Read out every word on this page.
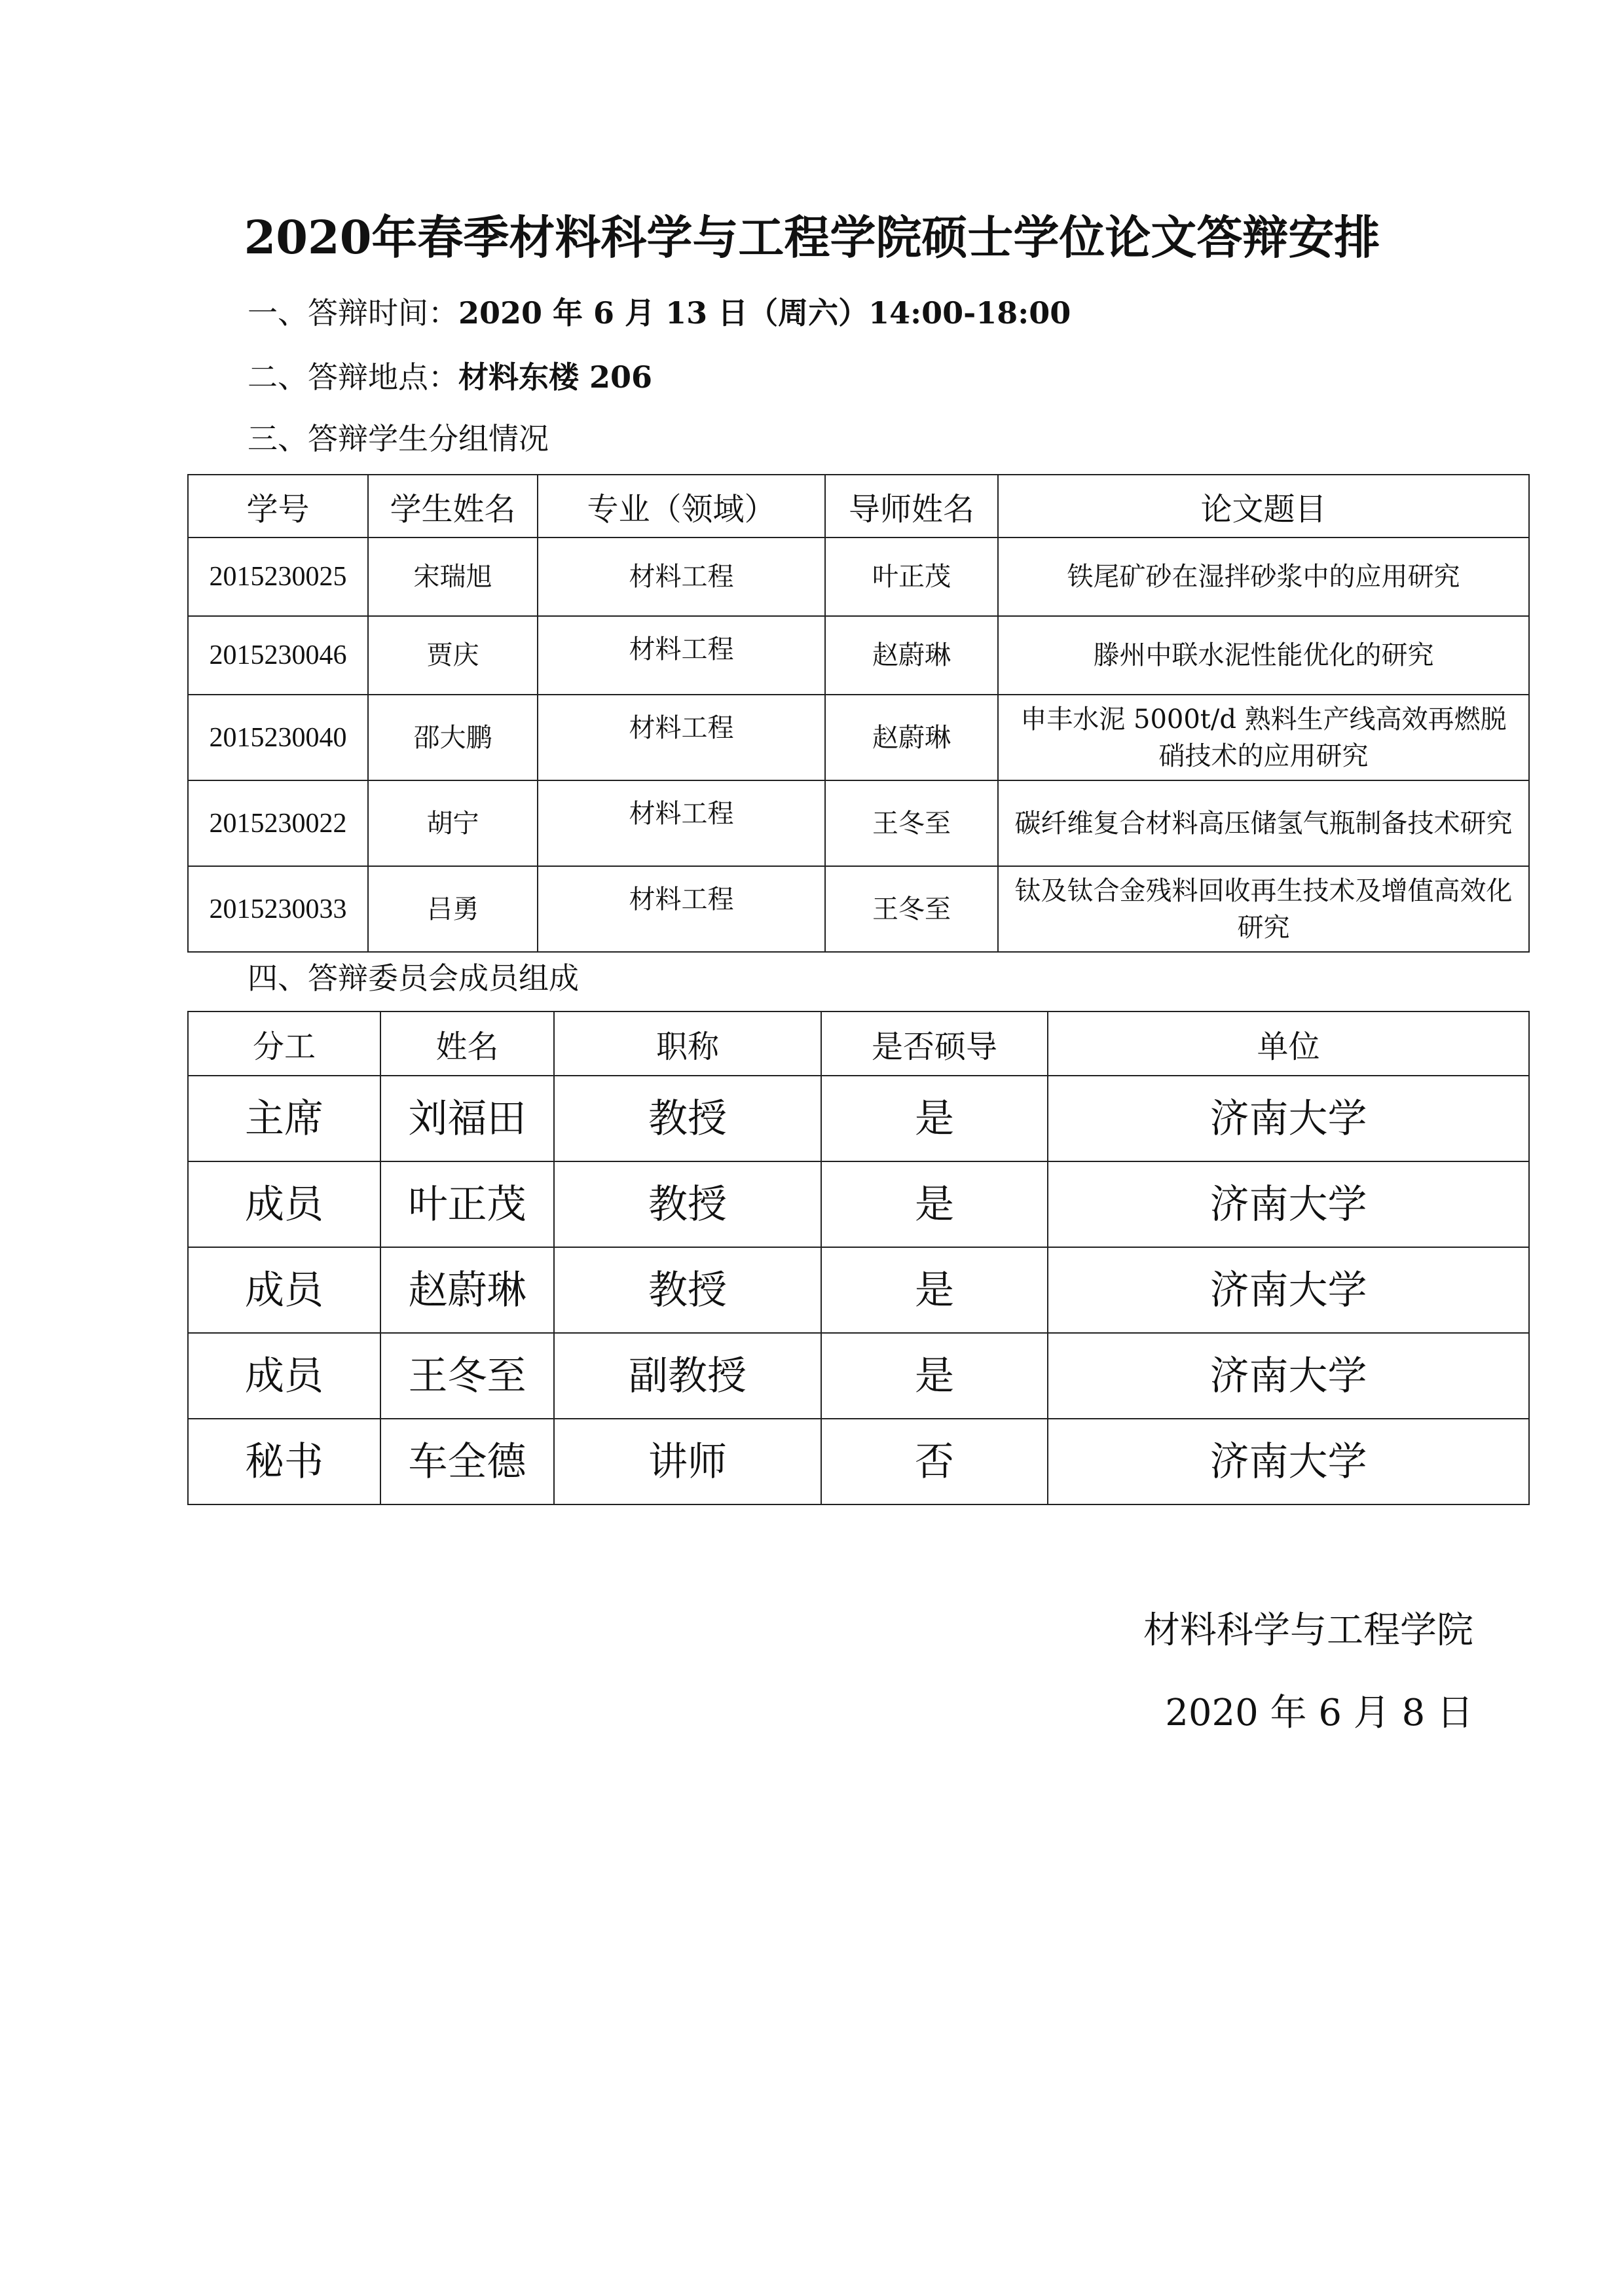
2020年春季材料科学与工程学院硕士学位论文答辩安排
一、答辩时间：2020 年 6 月 13 日（周六）14:00-18:00
二、答辩地点：材料东楼 206
三、答辩学生分组情况
学号	学生姓名	专业（领域）	导师姓名	论文题目
2015230025	宋瑞旭	材料工程	叶正茂	铁尾矿砂在湿拌砂浆中的应用研究
2015230046	贾庆	材料工程	赵蔚琳	滕州中联水泥性能优化的研究
2015230040	邵大鹏	材料工程	赵蔚琳	申丰水泥 5000t/d 熟料生产线高效再燃脱硝技术的应用研究
2015230022	胡宁	材料工程	王冬至	碳纤维复合材料高压储氢气瓶制备技术研究
2015230033	吕勇	材料工程	王冬至	钛及钛合金残料回收再生技术及增值高效化研究
四、答辩委员会成员组成
分工	姓名	职称	是否硕导	单位
主席	刘福田	教授	是	济南大学
成员	叶正茂	教授	是	济南大学
成员	赵蔚琳	教授	是	济南大学
成员	王冬至	副教授	是	济南大学
秘书	车全德	讲师	否	济南大学
材料科学与工程学院
2020 年 6 月 8 日
